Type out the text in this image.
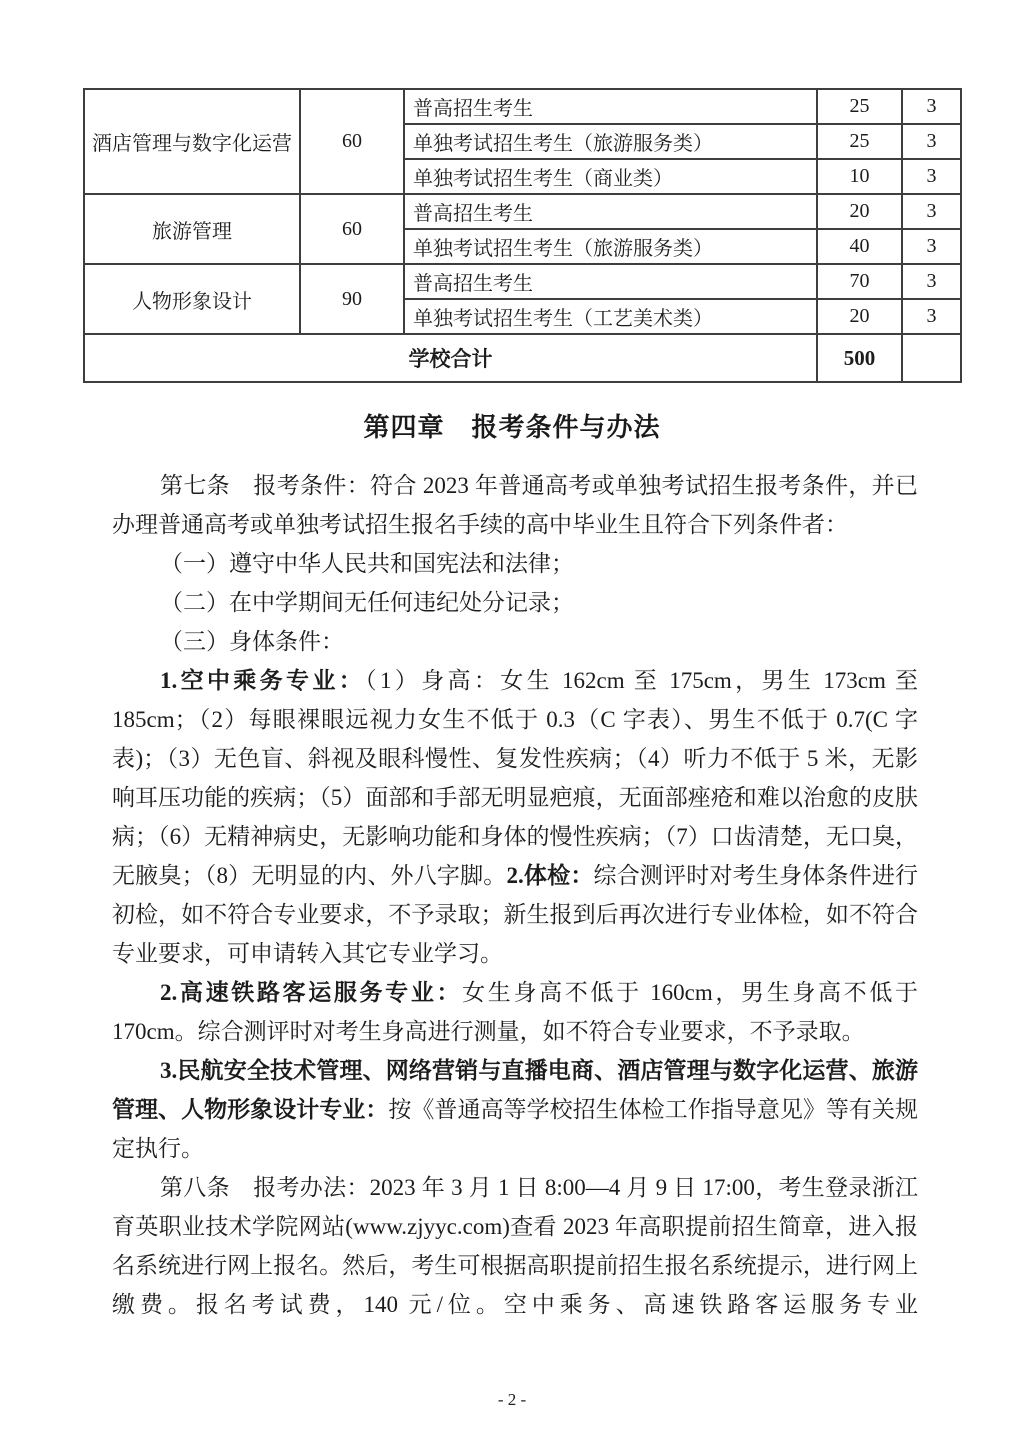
酒店管理与数字化运营	60	普高招生考生	25	3
		单独考试招生考生（旅游服务类）	25	3
		单独考试招生考生（商业类）	10	3
旅游管理	60	普高招生考生	20	3
		单独考试招生考生（旅游服务类）	40	3
人物形象设计	90	普高招生考生	70	3
		单独考试招生考生（工艺美术类）	20	3
学校合计			500	
第四章　报考条件与办法

第七条　报考条件：符合 2023 年普通高考或单独考试招生报考条件，并已办理普通高考或单独考试招生报名手续的高中毕业生且符合下列条件者：

（一）遵守中华人民共和国宪法和法律；

（二）在中学期间无任何违纪处分记录；

（三）身体条件：

1.空中乘务专业：（1）身高：女生 162cm 至 175cm，男生 173cm 至 185cm；（2）每眼裸眼远视力女生不低于 0.3（C 字表）、男生不低于 0.7(C 字表)；（3）无色盲、斜视及眼科慢性、复发性疾病；（4）听力不低于 5 米，无影响耳压功能的疾病；（5）面部和手部无明显疤痕，无面部痤疮和难以治愈的皮肤病；（6）无精神病史，无影响功能和身体的慢性疾病；（7）口齿清楚，无口臭，无腋臭；（8）无明显的内、外八字脚。2.体检：综合测评时对考生身体条件进行初检，如不符合专业要求，不予录取；新生报到后再次进行专业体检，如不符合专业要求，可申请转入其它专业学习。

2.高速铁路客运服务专业：女生身高不低于 160cm，男生身高不低于 170cm。综合测评时对考生身高进行测量，如不符合专业要求，不予录取。

3.民航安全技术管理、网络营销与直播电商、酒店管理与数字化运营、旅游管理、人物形象设计专业：按《普通高等学校招生体检工作指导意见》等有关规定执行。

第八条　报考办法：2023 年 3 月 1 日 8:00—4 月 9 日 17:00，考生登录浙江育英职业技术学院网站(www.zjyyc.com)查看 2023 年高职提前招生简章，进入报名系统进行网上报名。然后，考生可根据高职提前招生报名系统提示，进行网上缴费。报名考试费，140 元/位。空中乘务、高速铁路客运服务专业

- 2 -
